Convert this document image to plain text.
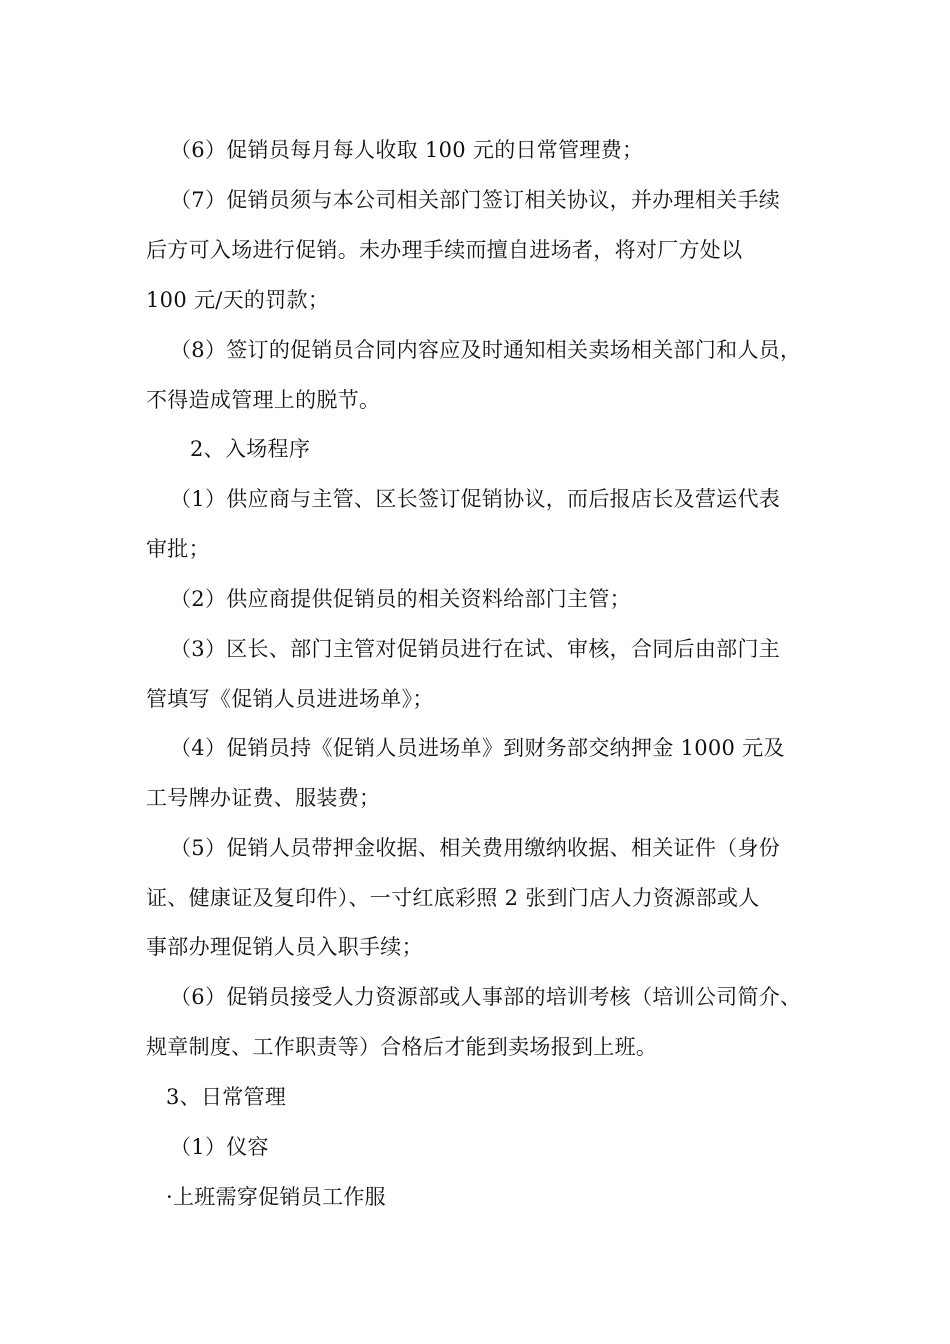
（6）促销员每月每人收取 100 元的日常管理费；
（7）促销员须与本公司相关部门签订相关协议，并办理相关手续
后方可入场进行促销。未办理手续而擅自进场者，将对厂方处以
100 元/天的罚款；
（8）签订的促销员合同内容应及时通知相关卖场相关部门和人员，
不得造成管理上的脱节。
2、入场程序
（1）供应商与主管、区长签订促销协议，而后报店长及营运代表
审批；
（2）供应商提供促销员的相关资料给部门主管；
（3）区长、部门主管对促销员进行在试、审核，合同后由部门主
管填写《促销人员进进场单》；
（4）促销员持《促销人员进场单》到财务部交纳押金 1000 元及
工号牌办证费、服装费；
（5）促销人员带押金收据、相关费用缴纳收据、相关证件（身份
证、健康证及复印件）、一寸红底彩照 2 张到门店人力资源部或人
事部办理促销人员入职手续；
（6）促销员接受人力资源部或人事部的培训考核（培训公司简介、
规章制度、工作职责等）合格后才能到卖场报到上班。
3、日常管理
（1）仪容
·上班需穿促销员工作服
